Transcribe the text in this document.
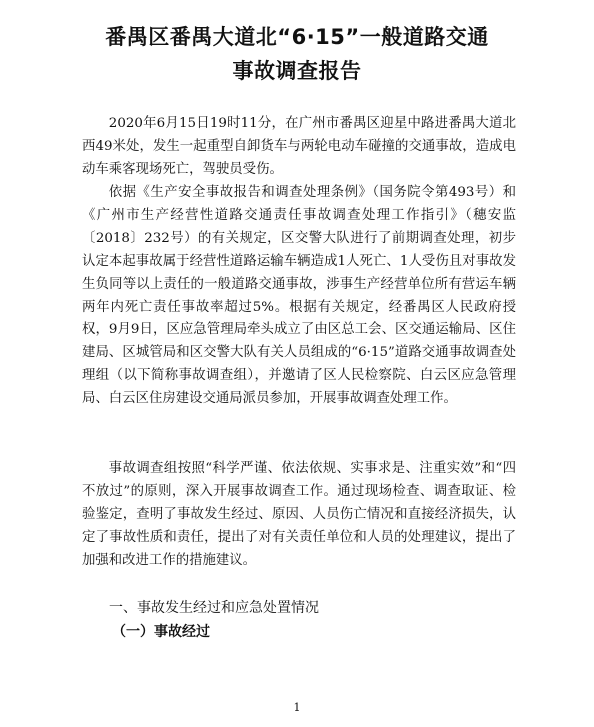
番禺区番禺大道北“6·15”一般道路交通
事故调查报告

2020年6月15日19时11分，在广州市番禺区迎星中路进番禺大道北西49米处，发生一起重型自卸货车与两轮电动车碰撞的交通事故，造成电动车乘客现场死亡，驾驶员受伤。

依据《生产安全事故报告和调查处理条例》（国务院令第493号）和《广州市生产经营性道路交通责任事故调查处理工作指引》（穗安监〔2018〕232号）的有关规定，区交警大队进行了前期调查处理，初步认定本起事故属于经营性道路运输车辆造成1人死亡、1人受伤且对事故发生负同等以上责任的一般道路交通事故，涉事生产经营单位所有营运车辆两年内死亡责任事故率超过5%。根据有关规定，经番禺区人民政府授权，9月9日，区应急管理局牵头成立了由区总工会、区交通运输局、区住建局、区城管局和区交警大队有关人员组成的“6·15”道路交通事故调查处理组（以下简称事故调查组），并邀请了区人民检察院、白云区应急管理局、白云区住房建设交通局派员参加，开展事故调查处理工作。

事故调查组按照“科学严谨、依法依规、实事求是、注重实效”和“四不放过”的原则，深入开展事故调查工作。通过现场检查、调查取证、检验鉴定，查明了事故发生经过、原因、人员伤亡情况和直接经济损失，认定了事故性质和责任，提出了对有关责任单位和人员的处理建议，提出了加强和改进工作的措施建议。

一、事故发生经过和应急处置情况

（一）事故经过

1
